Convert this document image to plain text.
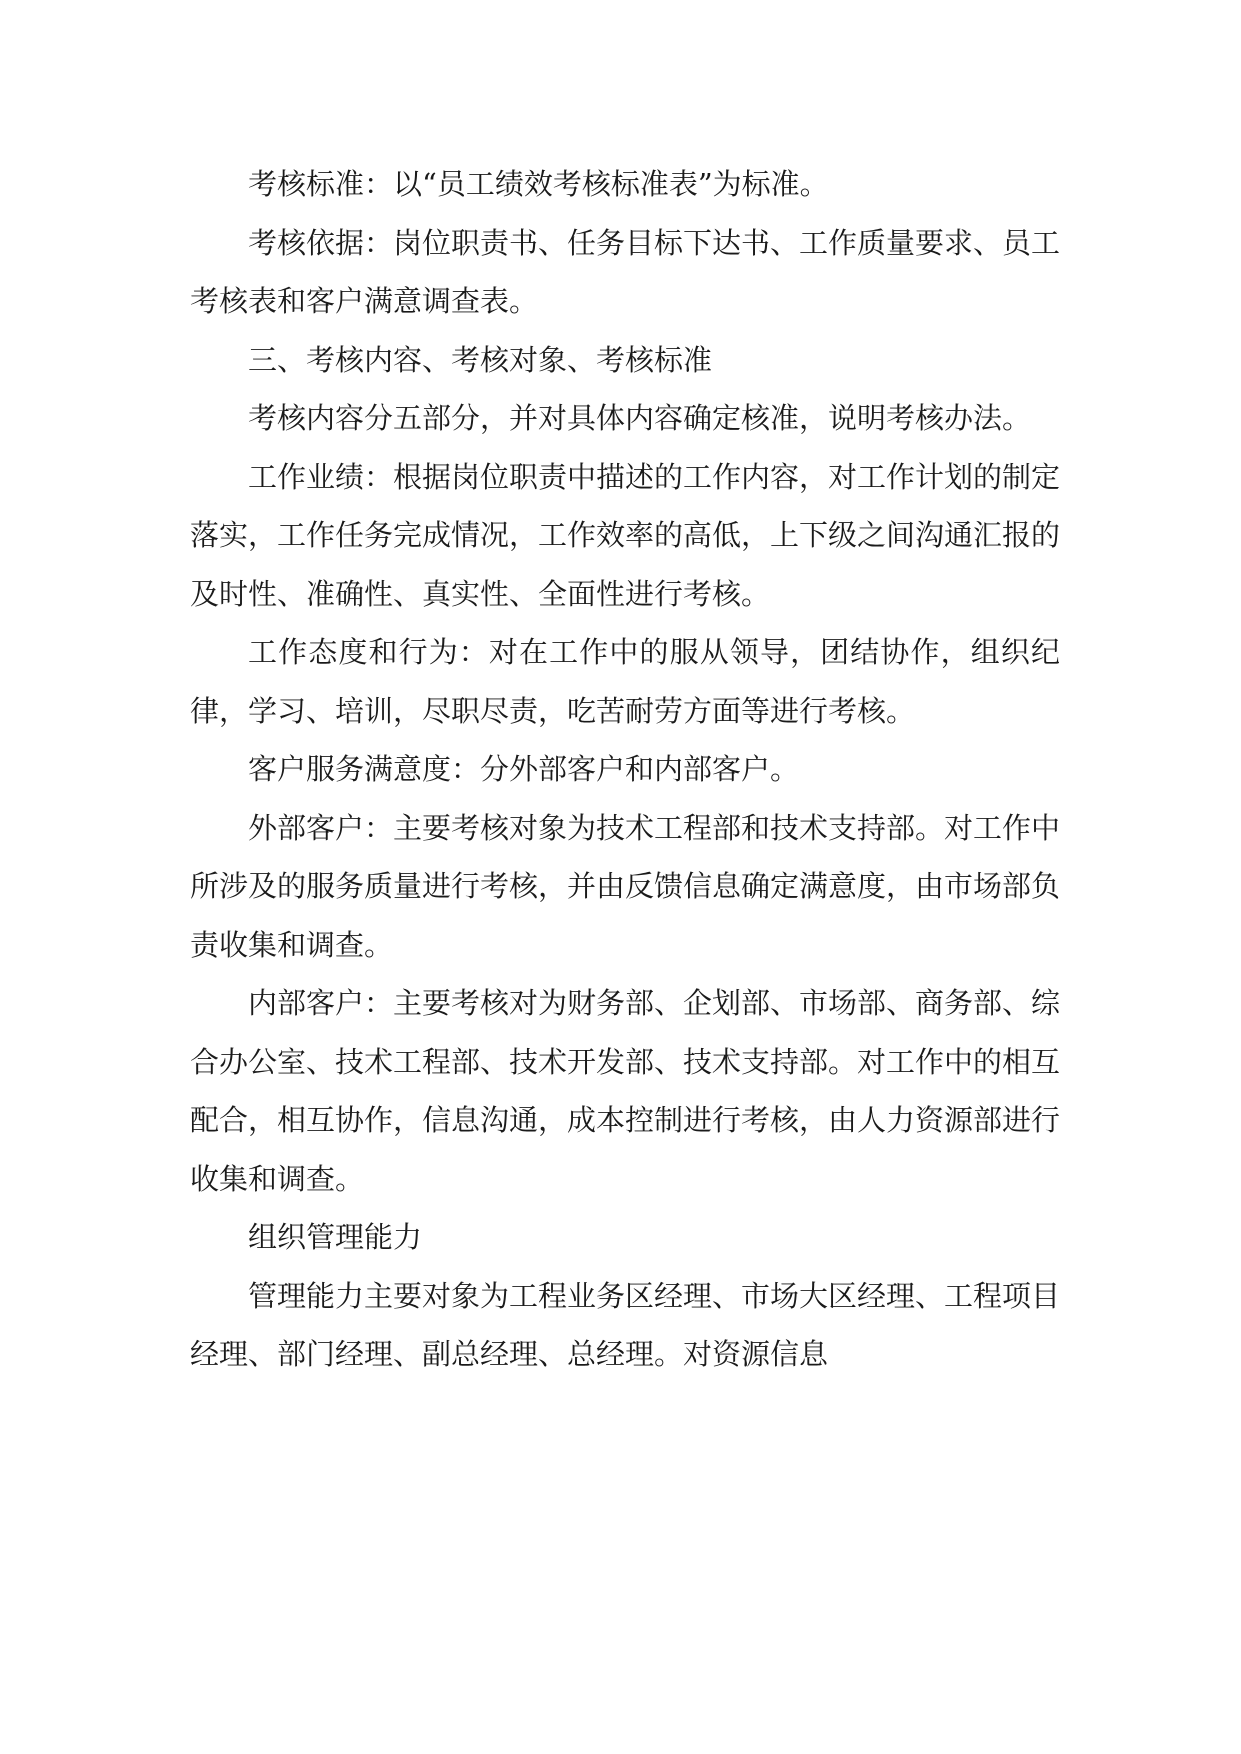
考核标准：以“员工绩效考核标准表”为标准。

考核依据：岗位职责书、任务目标下达书、工作质量要求、员工考核表和客户满意调查表。

三、考核内容、考核对象、考核标准

考核内容分五部分，并对具体内容确定核准，说明考核办法。

工作业绩：根据岗位职责中描述的工作内容，对工作计划的制定落实，工作任务完成情况，工作效率的高低，上下级之间沟通汇报的及时性、准确性、真实性、全面性进行考核。

工作态度和行为：对在工作中的服从领导，团结协作，组织纪律，学习、培训，尽职尽责，吃苦耐劳方面等进行考核。

客户服务满意度：分外部客户和内部客户。

外部客户：主要考核对象为技术工程部和技术支持部。对工作中所涉及的服务质量进行考核，并由反馈信息确定满意度，由市场部负责收集和调查。

内部客户：主要考核对为财务部、企划部、市场部、商务部、综合办公室、技术工程部、技术开发部、技术支持部。对工作中的相互配合，相互协作，信息沟通，成本控制进行考核，由人力资源部进行收集和调查。

组织管理能力

管理能力主要对象为工程业务区经理、市场大区经理、工程项目经理、部门经理、副总经理、总经理。对资源信息
